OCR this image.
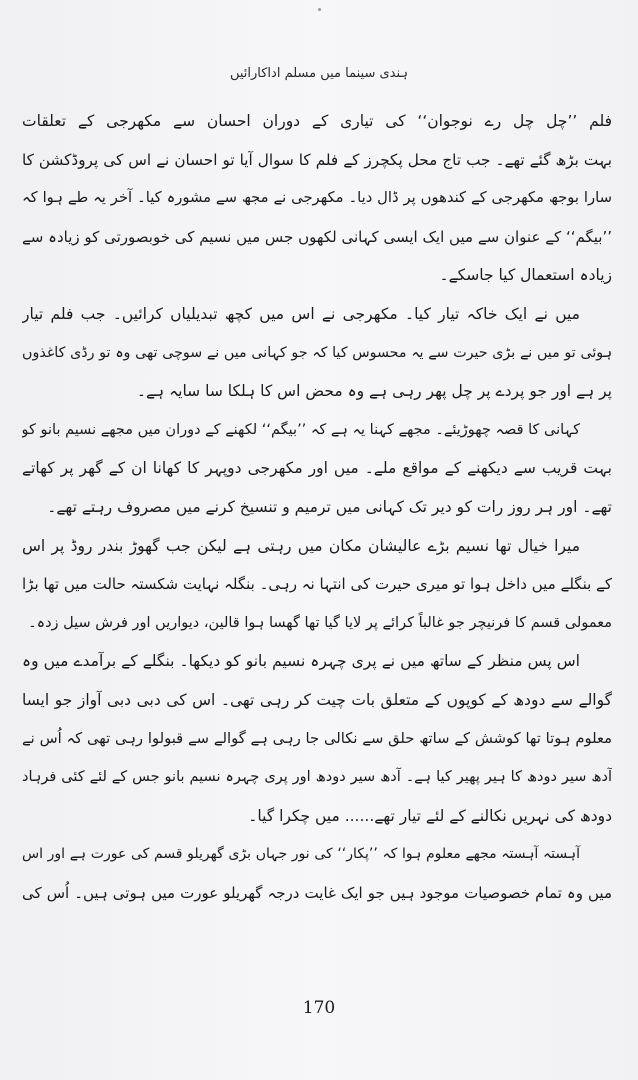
ہندی سینما میں مسلم اداکارائیں
فلم ’’چل چل رے نوجوان‘‘ کی تیاری کے دوران احسان سے مکھرجی کے تعلقات
بہت بڑھ گئے تھے۔ جب تاج محل پکچرز کے فلم کا سوال آیا تو احسان نے اس کی پروڈکشن کا
سارا بوجھ مکھرجی کے کندھوں پر ڈال دیا۔ مکھرجی نے مجھ سے مشورہ کیا۔ آخر یہ طے ہوا کہ
’’بیگم‘‘ کے عنوان سے میں ایک ایسی کہانی لکھوں جس میں نسیم کی خوبصورتی کو زیادہ سے
زیادہ استعمال کیا جاسکے۔
میں نے ایک خاکہ تیار کیا۔ مکھرجی نے اس میں کچھ تبدیلیاں کرائیں۔ جب فلم تیار
ہوئی تو میں نے بڑی حیرت سے یہ محسوس کیا کہ جو کہانی میں نے سوچی تھی وہ تو رڈی کاغذوں
پر ہے اور جو پردے پر چل پھر رہی ہے وہ محض اس کا ہلکا سا سایہ ہے۔
کہانی کا قصہ چھوڑیئے۔ مجھے کہنا یہ ہے کہ ’’بیگم‘‘ لکھنے کے دوران میں مجھے نسیم بانو کو
بہت قریب سے دیکھنے کے مواقع ملے۔ میں اور مکھرجی دوپہر کا کھانا ان کے گھر پر کھاتے
تھے۔ اور ہر روز رات کو دیر تک کہانی میں ترمیم و تنسیخ کرنے میں مصروف رہتے تھے۔
میرا خیال تھا نسیم بڑے عالیشان مکان میں رہتی ہے لیکن جب گھوڑ بندر روڈ پر اس
کے بنگلے میں داخل ہوا تو میری حیرت کی انتہا نہ رہی۔ بنگلہ نہایت شکستہ حالت میں تھا بڑا
معمولی قسم کا فرنیچر جو غالباً کرائے پر لایا گیا تھا گھسا ہوا قالین، دیواریں اور فرش سیل زدہ۔
اس پس منظر کے ساتھ میں نے پری چہرہ نسیم بانو کو دیکھا۔ بنگلے کے برآمدے میں وہ
گوالے سے دودھ کے کوپوں کے متعلق بات چیت کر رہی تھی۔ اس کی دبی دبی آواز جو ایسا
معلوم ہوتا تھا کوشش کے ساتھ حلق سے نکالی جا رہی ہے گوالے سے قبولوا رہی تھی کہ اُس نے
آدھ سیر دودھ کا ہیر پھیر کیا ہے۔ آدھ سیر دودھ اور پری چہرہ نسیم بانو جس کے لئے کئی فرہاد
دودھ کی نہریں نکالنے کے لئے تیار تھے...... میں چکرا گیا۔
آہستہ آہستہ مجھے معلوم ہوا کہ ’’پکار‘‘ کی نور جہاں بڑی گھریلو قسم کی عورت ہے اور اس
میں وہ تمام خصوصیات موجود ہیں جو ایک غایت درجہ گھریلو عورت میں ہوتی ہیں۔ اُس کی
170
